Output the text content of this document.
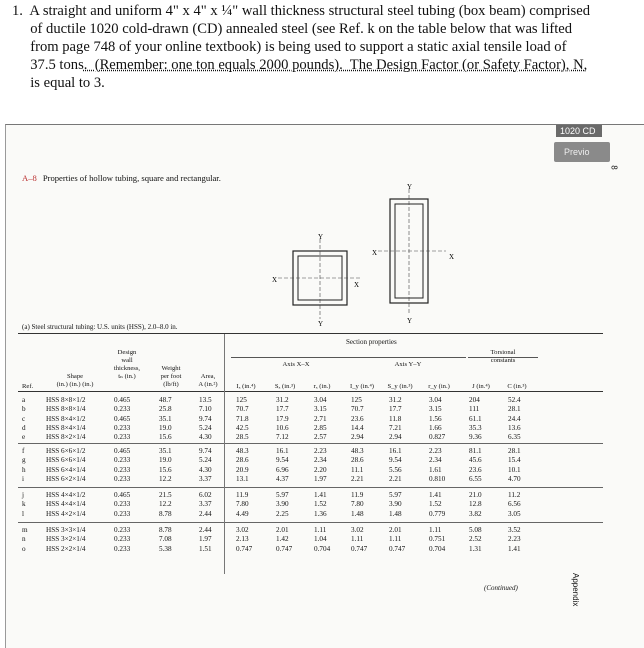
1.  A straight and uniform 4" x 4" x ¼" wall thickness structural steel tubing (box beam) comprised
of ductile 1020 cold-drawn (CD) annealed steel (see Ref. k on the table below that was lifted
from page 748 of your online textbook) is being used to support a static axial tensile load of
37.5 tons.  (Remember: one ton equals 2000 pounds).  The Design Factor (or Safety Factor), N,
is equal to 3.
1020 CD
Previo
8
A–8 Properties of hollow tubing, square and rectangular.
X
X
Y
Y
X	X
Y
Y
(a) Steel structural tubing: U.S. units (HSS), 2.0–8.0 in.
Section properties
Ref.
Shape
(in.) (in.) (in.)
Design
wall
thickness,
tₙ (in.)
Weight
per foot
(lb/ft)
Area,
A (in.²)
Axis X–X	Axis Y–Y
Torsional
constants
Iₓ (in.⁴)	Sₓ (in.³)	rₓ (in.)	I_y (in.⁴)	S_y (in.³)	r_y (in.)	J (in.⁴)	C (in.³)
a	HSS 8×8×1/2	0.465	48.7	13.5	125	31.2	3.04	125	31.2	3.04	204	52.4
b	HSS 8×8×1/4	0.233	25.8	7.10	70.7	17.7	3.15	70.7	17.7	3.15	111	28.1
c	HSS 8×4×1/2	0.465	35.1	9.74	71.8	17.9	2.71	23.6	11.8	1.56	61.1	24.4
d	HSS 8×4×1/4	0.233	19.0	5.24	42.5	10.6	2.85	14.4	7.21	1.66	35.3	13.6
e	HSS 8×2×1/4	0.233	15.6	4.30	28.5	7.12	2.57	2.94	2.94	0.827	9.36	6.35
f	HSS 6×6×1/2	0.465	35.1	9.74	48.3	16.1	2.23	48.3	16.1	2.23	81.1	28.1
g	HSS 6×6×1/4	0.233	19.0	5.24	28.6	9.54	2.34	28.6	9.54	2.34	45.6	15.4
h	HSS 6×4×1/4	0.233	15.6	4.30	20.9	6.96	2.20	11.1	5.56	1.61	23.6	10.1
i	HSS 6×2×1/4	0.233	12.2	3.37	13.1	4.37	1.97	2.21	2.21	0.810	6.55	4.70
j	HSS 4×4×1/2	0.465	21.5	6.02	11.9	5.97	1.41	11.9	5.97	1.41	21.0	11.2
k	HSS 4×4×1/4	0.233	12.2	3.37	7.80	3.90	1.52	7.80	3.90	1.52	12.8	6.56
l	HSS 4×2×1/4	0.233	8.78	2.44	4.49	2.25	1.36	1.48	1.48	0.779	3.82	3.05
m	HSS 3×3×1/4	0.233	8.78	2.44	3.02	2.01	1.11	3.02	2.01	1.11	5.08	3.52
n	HSS 3×2×1/4	0.233	7.08	1.97	2.13	1.42	1.04	1.11	1.11	0.751	2.52	2.23
o	HSS 2×2×1/4	0.233	5.38	1.51	0.747	0.747	0.704	0.747	0.747	0.704	1.31	1.41
(Continued)	Appendix
